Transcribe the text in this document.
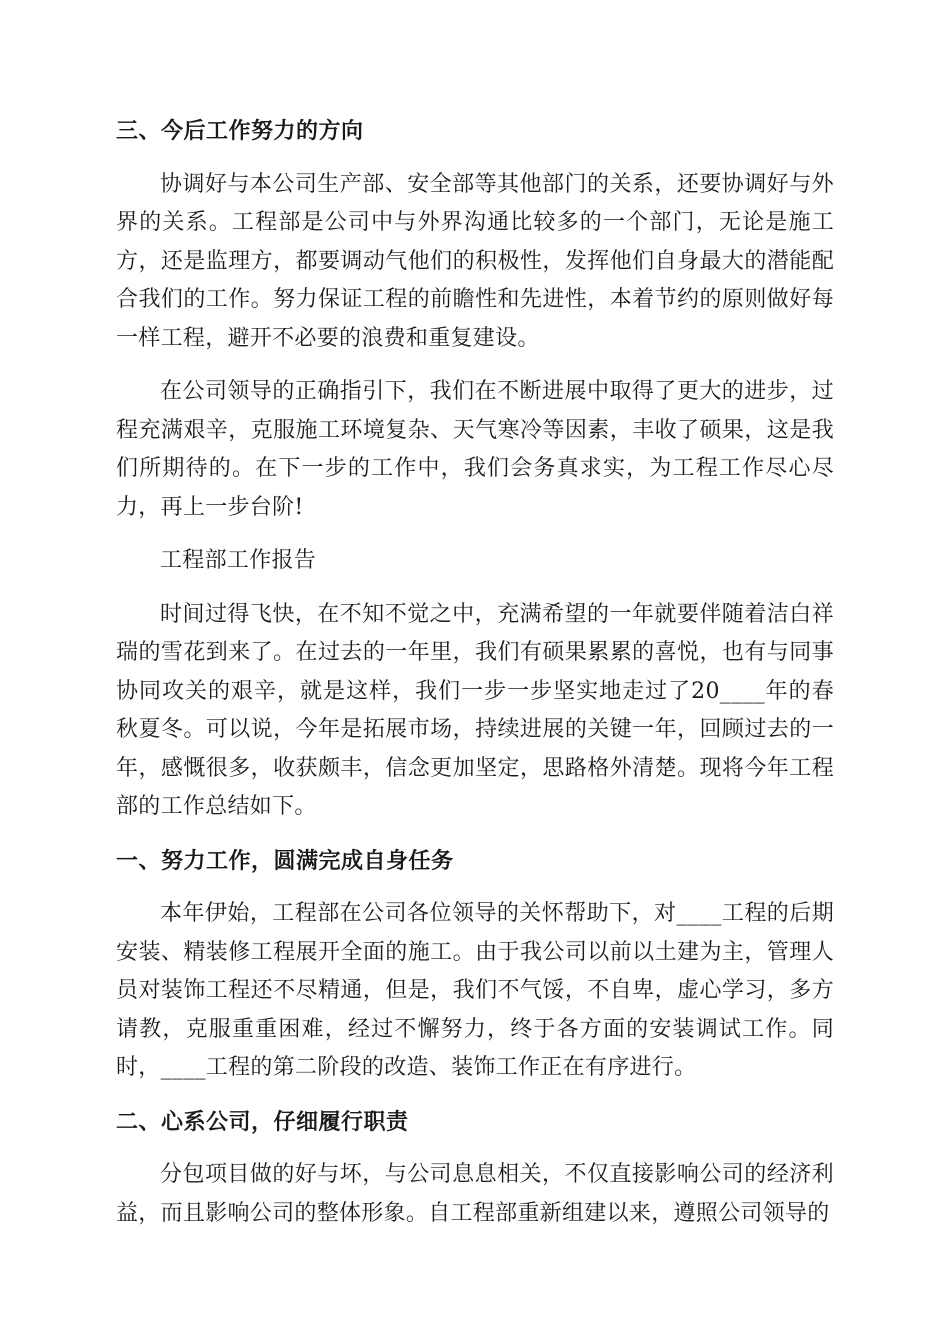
三、今后工作努力的方向
协调好与本公司生产部、安全部等其他部门的关系，还要协调好与外界的关系。工程部是公司中与外界沟通比较多的一个部门，无论是施工方，还是监理方，都要调动气他们的积极性，发挥他们自身最大的潜能配合我们的工作。努力保证工程的前瞻性和先进性，本着节约的原则做好每一样工程，避开不必要的浪费和重复建设。
在公司领导的正确指引下，我们在不断进展中取得了更大的进步，过程充满艰辛，克服施工环境复杂、天气寒冷等因素，丰收了硕果，这是我们所期待的。在下一步的工作中，我们会务真求实，为工程工作尽心尽力，再上一步台阶!
工程部工作报告
时间过得飞快，在不知不觉之中，充满希望的一年就要伴随着洁白祥瑞的雪花到来了。在过去的一年里，我们有硕果累累的喜悦，也有与同事协同攻关的艰辛，就是这样，我们一步一步坚实地走过了20____年的春秋夏冬。可以说，今年是拓展市场，持续进展的关键一年，回顾过去的一年，感慨很多，收获颇丰，信念更加坚定，思路格外清楚。现将今年工程部的工作总结如下。
一、努力工作，圆满完成自身任务
本年伊始，工程部在公司各位领导的关怀帮助下，对____工程的后期安装、精装修工程展开全面的施工。由于我公司以前以土建为主，管理人员对装饰工程还不尽精通，但是，我们不气馁，不自卑，虚心学习，多方请教，克服重重困难，经过不懈努力，终于各方面的安装调试工作。同时，____工程的第二阶段的改造、装饰工作正在有序进行。
二、心系公司，仔细履行职责
分包项目做的好与坏，与公司息息相关，不仅直接影响公司的经济利益，而且影响公司的整体形象。自工程部重新组建以来，遵照公司领导的
